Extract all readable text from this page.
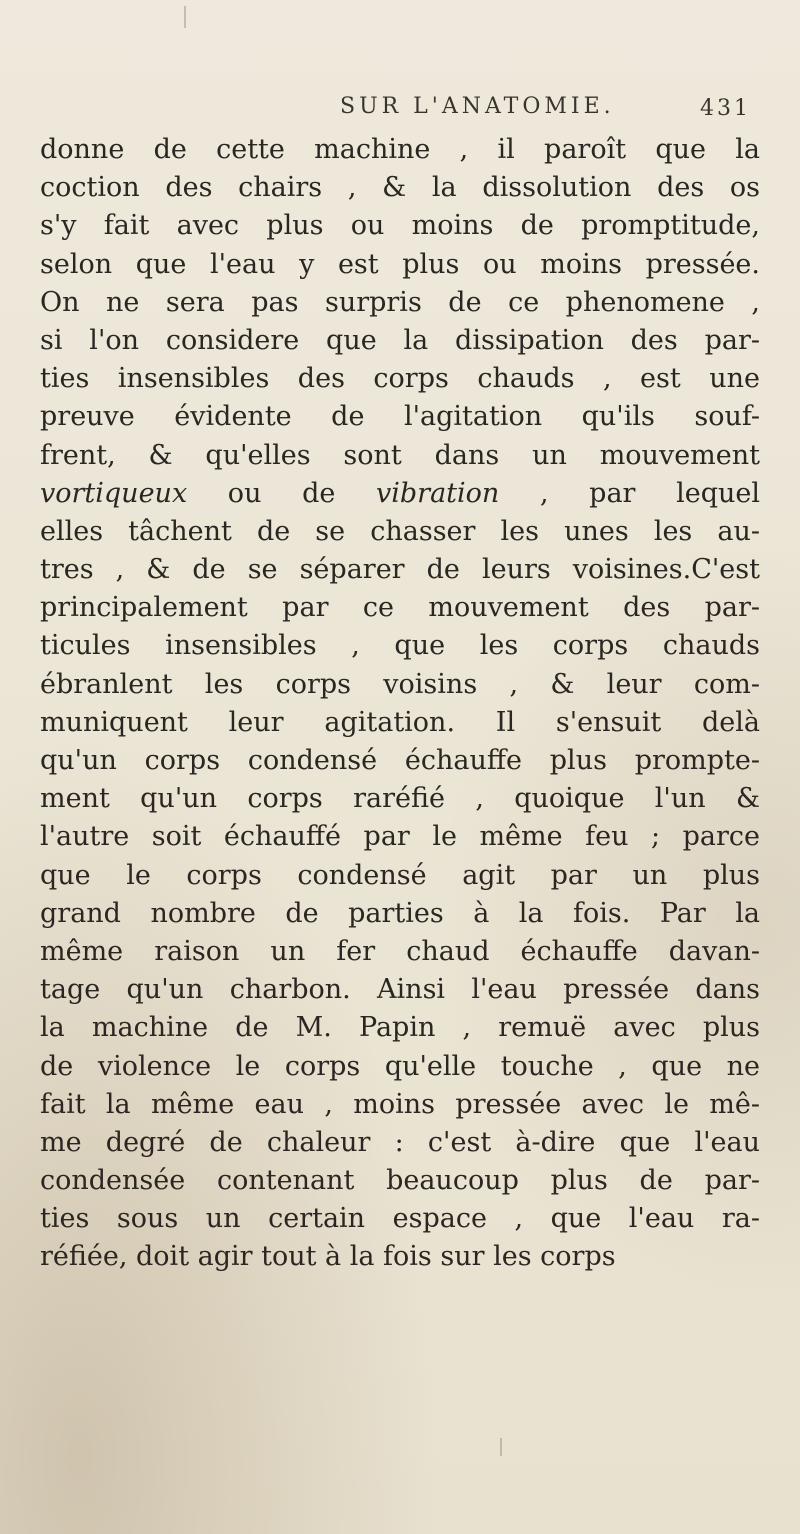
SUR L'ANATOMIE.	431
donne de cette machine , il paroît que la
coction des chairs , & la dissolution des os
s'y fait avec plus ou moins de promptitude,
selon que l'eau y est plus ou moins pressée.
On ne sera pas surpris de ce phenomene ,
si l'on considere que la dissipation des par-
ties insensibles des corps chauds , est une
preuve évidente de l'agitation qu'ils souf-
frent, & qu'elles sont dans un mouvement
vortiqueux ou de vibration , par lequel
elles tâchent de se chasser les unes les au-
tres , & de se séparer de leurs voisines.C'est
principalement par ce mouvement des par-
ticules insensibles , que les corps chauds
ébranlent les corps voisins , & leur com-
muniquent leur agitation. Il s'ensuit delà
qu'un corps condensé échauffe plus prompte-
ment qu'un corps raréfié , quoique l'un &
l'autre soit échauffé par le même feu ; parce
que le corps condensé agit par un plus
grand nombre de parties à la fois. Par la
même raison un fer chaud échauffe davan-
tage qu'un charbon. Ainsi l'eau pressée dans
la machine de M. Papin , remuë avec plus
de violence le corps qu'elle touche , que ne
fait la même eau , moins pressée avec le mê-
me degré de chaleur : c'est à-dire que l'eau
condensée contenant beaucoup plus de par-
ties sous un certain espace , que l'eau ra-
réfiée, doit agir tout à la fois sur les corps
